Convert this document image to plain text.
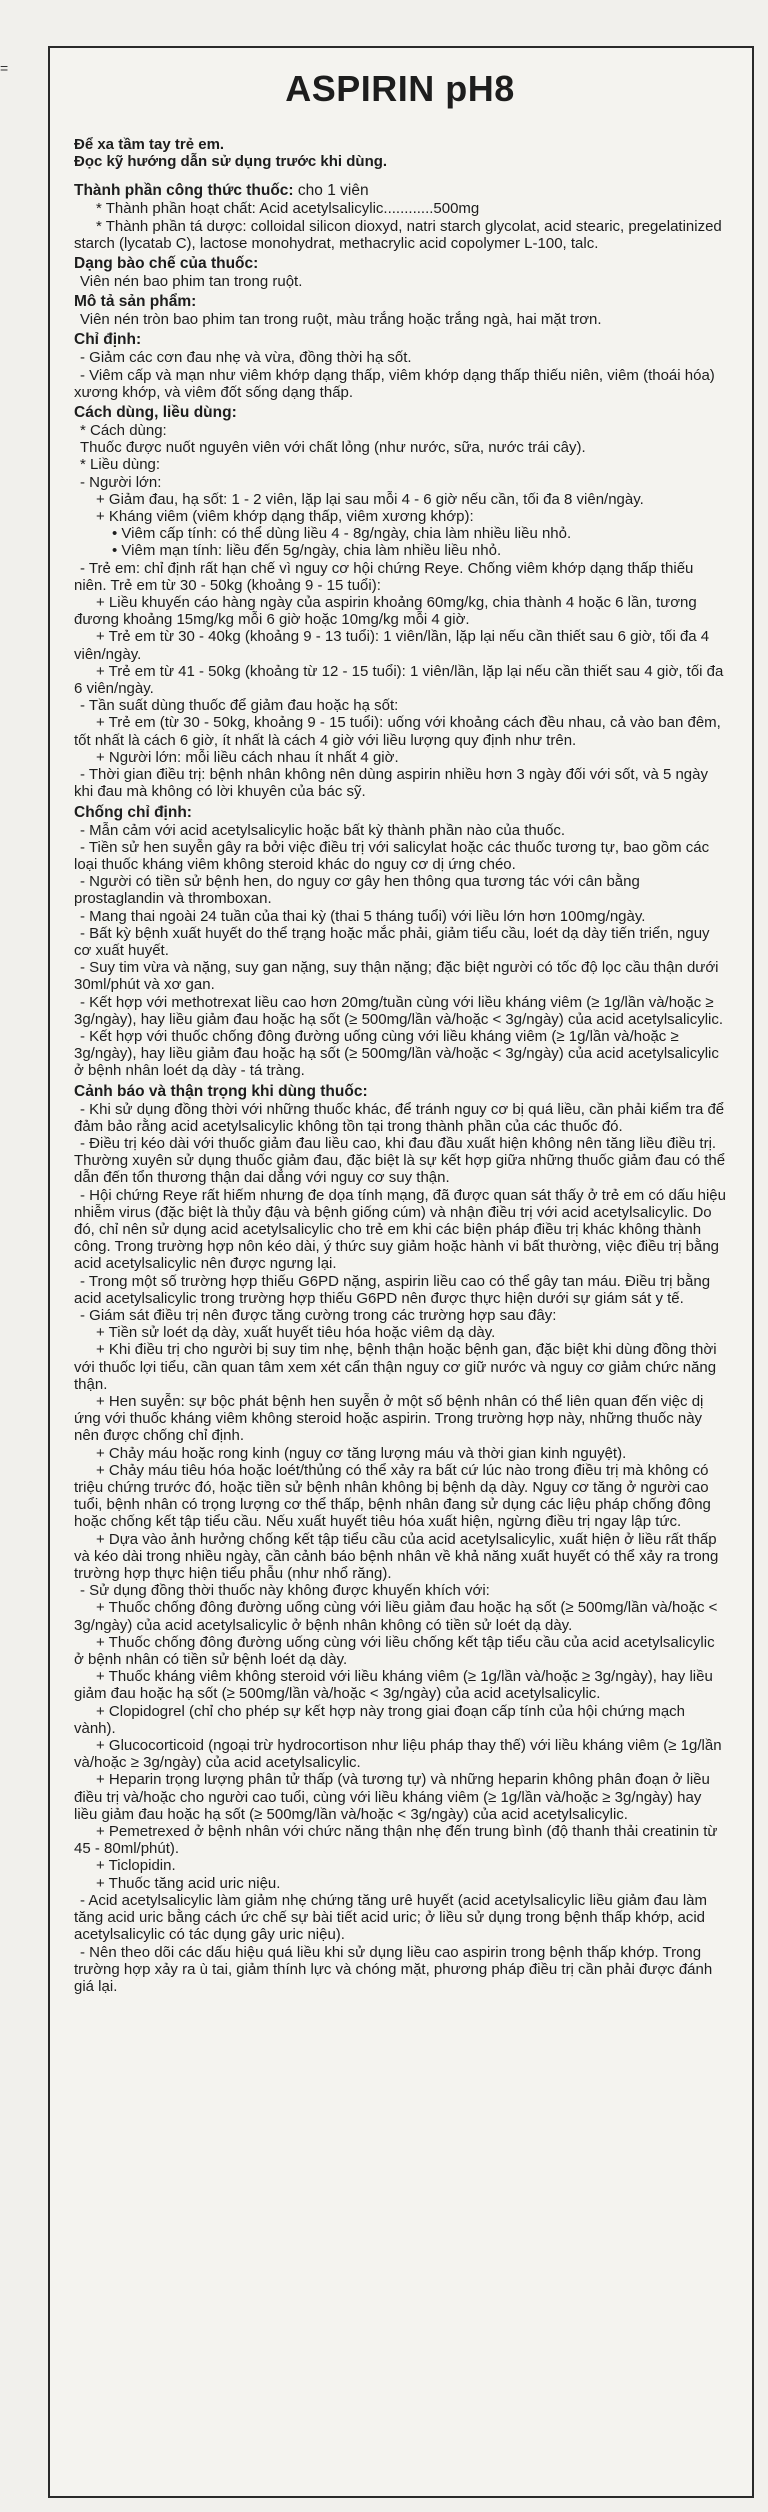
=	ASPIRIN pH8
Để xa tầm tay trẻ em.
Đọc kỹ hướng dẫn sử dụng trước khi dùng.
Thành phần công thức thuốc: cho 1 viên
* Thành phần hoạt chất: Acid acetylsalicylic............500mg
* Thành phần tá dược: colloidal silicon dioxyd, natri starch glycolat, acid stearic, pregelatinized starch (lycatab C), lactose monohydrat, methacrylic acid copolymer L-100, talc.
Dạng bào chế của thuốc:
Viên nén bao phim tan trong ruột.
Mô tả sản phẩm:
Viên nén tròn bao phim tan trong ruột, màu trắng hoặc trắng ngà, hai mặt trơn.
Chỉ định:
- Giảm các cơn đau nhẹ và vừa, đồng thời hạ sốt.
- Viêm cấp và mạn như viêm khớp dạng thấp, viêm khớp dạng thấp thiếu niên, viêm (thoái hóa) xương khớp, và viêm đốt sống dạng thấp.
Cách dùng, liều dùng:
* Cách dùng:
Thuốc được nuốt nguyên viên với chất lỏng (như nước, sữa, nước trái cây).
* Liều dùng:
- Người lớn:
+ Giảm đau, hạ sốt: 1 - 2 viên, lặp lại sau mỗi 4 - 6 giờ nếu cần, tối đa 8 viên/ngày.
+ Kháng viêm (viêm khớp dạng thấp, viêm xương khớp):
• Viêm cấp tính: có thể dùng liều 4 - 8g/ngày, chia làm nhiều liều nhỏ.
• Viêm mạn tính: liều đến 5g/ngày, chia làm nhiều liều nhỏ.
- Trẻ em: chỉ định rất hạn chế vì nguy cơ hội chứng Reye. Chống viêm khớp dạng thấp thiếu niên. Trẻ em từ 30 - 50kg (khoảng 9 - 15 tuổi):
+ Liều khuyến cáo hàng ngày của aspirin khoảng 60mg/kg, chia thành 4 hoặc 6 lần, tương đương khoảng 15mg/kg mỗi 6 giờ hoặc 10mg/kg mỗi 4 giờ.
+ Trẻ em từ 30 - 40kg (khoảng 9 - 13 tuổi): 1 viên/lần, lặp lại nếu cần thiết sau 6 giờ, tối đa 4 viên/ngày.
+ Trẻ em từ 41 - 50kg (khoảng từ 12 - 15 tuổi): 1 viên/lần, lặp lại nếu cần thiết sau 4 giờ, tối đa 6 viên/ngày.
- Tần suất dùng thuốc để giảm đau hoặc hạ sốt:
+ Trẻ em (từ 30 - 50kg, khoảng 9 - 15 tuổi): uống với khoảng cách đều nhau, cả vào ban đêm, tốt nhất là cách 6 giờ, ít nhất là cách 4 giờ với liều lượng quy định như trên.
+ Người lớn: mỗi liều cách nhau ít nhất 4 giờ.
- Thời gian điều trị: bệnh nhân không nên dùng aspirin nhiều hơn 3 ngày đối với sốt, và 5 ngày khi đau mà không có lời khuyên của bác sỹ.
Chống chỉ định:
- Mẫn cảm với acid acetylsalicylic hoặc bất kỳ thành phần nào của thuốc.
- Tiền sử hen suyễn gây ra bởi việc điều trị với salicylat hoặc các thuốc tương tự, bao gồm các loại thuốc kháng viêm không steroid khác do nguy cơ dị ứng chéo.
- Người có tiền sử bệnh hen, do nguy cơ gây hen thông qua tương tác với cân bằng prostaglandin và thromboxan.
- Mang thai ngoài 24 tuần của thai kỳ (thai 5 tháng tuổi) với liều lớn hơn 100mg/ngày.
- Bất kỳ bệnh xuất huyết do thể trạng hoặc mắc phải, giảm tiểu cầu, loét dạ dày tiến triển, nguy cơ xuất huyết.
- Suy tim vừa và nặng, suy gan nặng, suy thận nặng; đặc biệt người có tốc độ lọc cầu thận dưới 30ml/phút và xơ gan.
- Kết hợp với methotrexat liều cao hơn 20mg/tuần cùng với liều kháng viêm (≥ 1g/lần và/hoặc ≥ 3g/ngày), hay liều giảm đau hoặc hạ sốt (≥ 500mg/lần và/hoặc < 3g/ngày) của acid acetylsalicylic.
- Kết hợp với thuốc chống đông đường uống cùng với liều kháng viêm (≥ 1g/lần và/hoặc ≥ 3g/ngày), hay liều giảm đau hoặc hạ sốt (≥ 500mg/lần và/hoặc < 3g/ngày) của acid acetylsalicylic ở bệnh nhân loét dạ dày - tá tràng.
Cảnh báo và thận trọng khi dùng thuốc:
- Khi sử dụng đồng thời với những thuốc khác, để tránh nguy cơ bị quá liều, cần phải kiểm tra để đảm bảo rằng acid acetylsalicylic không tồn tại trong thành phần của các thuốc đó.
- Điều trị kéo dài với thuốc giảm đau liều cao, khi đau đầu xuất hiện không nên tăng liều điều trị. Thường xuyên sử dụng thuốc giảm đau, đặc biệt là sự kết hợp giữa những thuốc giảm đau có thể dẫn đến tổn thương thận dai dẳng với nguy cơ suy thận.
- Hội chứng Reye rất hiếm nhưng đe dọa tính mạng, đã được quan sát thấy ở trẻ em có dấu hiệu nhiễm virus (đặc biệt là thủy đậu và bệnh giống cúm) và nhận điều trị với acid acetylsalicylic. Do đó, chỉ nên sử dụng acid acetylsalicylic cho trẻ em khi các biện pháp điều trị khác không thành công. Trong trường hợp nôn kéo dài, ý thức suy giảm hoặc hành vi bất thường, việc điều trị bằng acid acetylsalicylic nên được ngưng lại.
- Trong một số trường hợp thiếu G6PD nặng, aspirin liều cao có thể gây tan máu. Điều trị bằng acid acetylsalicylic trong trường hợp thiếu G6PD nên được thực hiện dưới sự giám sát y tế.
- Giám sát điều trị nên được tăng cường trong các trường hợp sau đây:
+ Tiền sử loét dạ dày, xuất huyết tiêu hóa hoặc viêm dạ dày.
+ Khi điều trị cho người bị suy tim nhẹ, bệnh thận hoặc bệnh gan, đặc biệt khi dùng đồng thời với thuốc lợi tiểu, cần quan tâm xem xét cẩn thận nguy cơ giữ nước và nguy cơ giảm chức năng thận.
+ Hen suyễn: sự bộc phát bệnh hen suyễn ở một số bệnh nhân có thể liên quan đến việc dị ứng với thuốc kháng viêm không steroid hoặc aspirin. Trong trường hợp này, những thuốc này nên được chống chỉ định.
+ Chảy máu hoặc rong kinh (nguy cơ tăng lượng máu và thời gian kinh nguyệt).
+ Chảy máu tiêu hóa hoặc loét/thủng có thể xảy ra bất cứ lúc nào trong điều trị mà không có triệu chứng trước đó, hoặc tiền sử bệnh nhân không bị bệnh dạ dày. Nguy cơ tăng ở người cao tuổi, bệnh nhân có trọng lượng cơ thể thấp, bệnh nhân đang sử dụng các liệu pháp chống đông hoặc chống kết tập tiểu cầu. Nếu xuất huyết tiêu hóa xuất hiện, ngừng điều trị ngay lập tức.
+ Dựa vào ảnh hưởng chống kết tập tiểu cầu của acid acetylsalicylic, xuất hiện ở liều rất thấp và kéo dài trong nhiều ngày, cần cảnh báo bệnh nhân về khả năng xuất huyết có thể xảy ra trong trường hợp thực hiện tiểu phẫu (như nhổ răng).
- Sử dụng đồng thời thuốc này không được khuyến khích với:
+ Thuốc chống đông đường uống cùng với liều giảm đau hoặc hạ sốt (≥ 500mg/lần và/hoặc < 3g/ngày) của acid acetylsalicylic ở bệnh nhân không có tiền sử loét dạ dày.
+ Thuốc chống đông đường uống cùng với liều chống kết tập tiểu cầu của acid acetylsalicylic ở bệnh nhân có tiền sử bệnh loét dạ dày.
+ Thuốc kháng viêm không steroid với liều kháng viêm (≥ 1g/lần và/hoặc ≥ 3g/ngày), hay liều giảm đau hoặc hạ sốt (≥ 500mg/lần và/hoặc < 3g/ngày) của acid acetylsalicylic.
+ Clopidogrel (chỉ cho phép sự kết hợp này trong giai đoạn cấp tính của hội chứng mạch vành).
+ Glucocorticoid (ngoại trừ hydrocortison như liệu pháp thay thế) với liều kháng viêm (≥ 1g/lần và/hoặc ≥ 3g/ngày) của acid acetylsalicylic.
+ Heparin trọng lượng phân tử thấp (và tương tự) và những heparin không phân đoạn ở liều điều trị và/hoặc cho người cao tuổi, cùng với liều kháng viêm (≥ 1g/lần và/hoặc ≥ 3g/ngày) hay liều giảm đau hoặc hạ sốt (≥ 500mg/lần và/hoặc < 3g/ngày) của acid acetylsalicylic.
+ Pemetrexed ở bệnh nhân với chức năng thận nhẹ đến trung bình (độ thanh thải creatinin từ 45 - 80ml/phút).
+ Ticlopidin.
+ Thuốc tăng acid uric niệu.
- Acid acetylsalicylic làm giảm nhẹ chứng tăng urê huyết (acid acetylsalicylic liều giảm đau làm tăng acid uric bằng cách ức chế sự bài tiết acid uric; ở liều sử dụng trong bệnh thấp khớp, acid acetylsalicylic có tác dụng gây uric niệu).
- Nên theo dõi các dấu hiệu quá liều khi sử dụng liều cao aspirin trong bệnh thấp khớp. Trong trường hợp xảy ra ù tai, giảm thính lực và chóng mặt, phương pháp điều trị cần phải được đánh giá lại.
